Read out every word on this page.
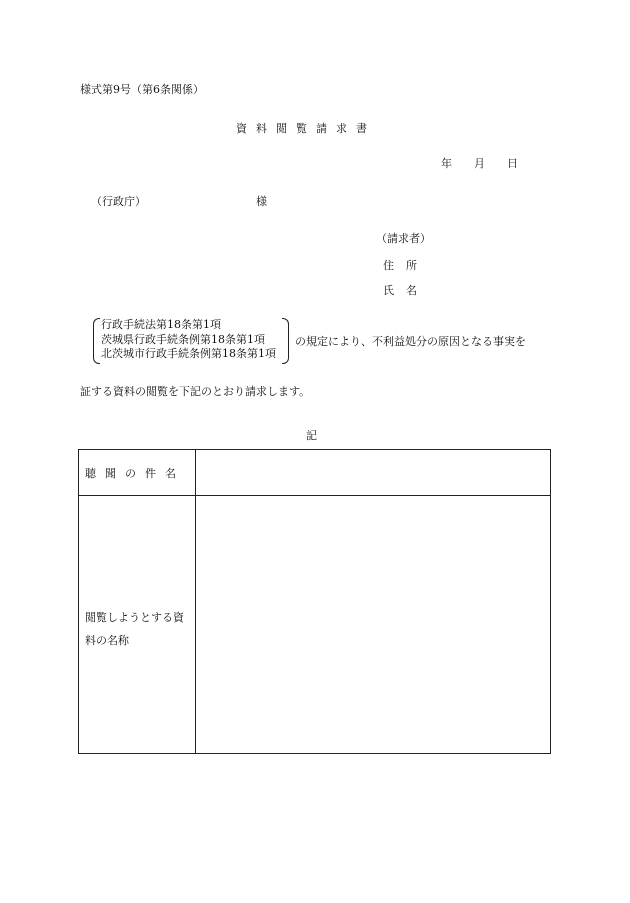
様式第9号（第6条関係）
資料閲覧請求書
年 月 日
（行政庁）	様
（請求者）
住 所
氏 名
行政手続法第18条第1項
茨城県行政手続条例第18条第1項
北茨城市行政手続条例第18条第1項
の規定により、不利益処分の原因となる事実を
証する資料の閲覧を下記のとおり請求します。
記
聴 聞 の 件 名
閲覧しようとする資料の名称
